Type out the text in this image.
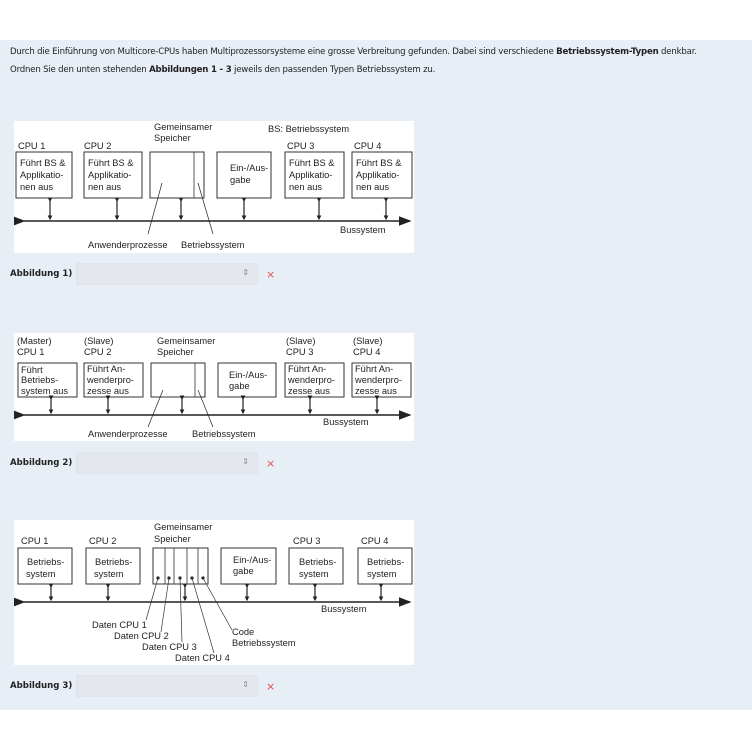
Durch die Einführung von Multicore-CPUs haben Multiprozessorsysteme eine grosse Verbreitung gefunden. Dabei sind verschiedene Betriebssystem-Typen denkbar.
Ordnen Sie den unten stehenden Abbildungen 1 - 3 jeweils den passenden Typen Betriebssystem zu.
Gemeinsamer
Speicher
BS: Betriebssystem
CPU 1	CPU 2	CPU 3	CPU 4
Führt BS &
Applikatio-
nen aus
Führt BS &
Applikatio-
nen aus
Führt BS &
Applikatio-
nen aus
Führt BS &
Applikatio-
nen aus
Ein-/Aus-
gabe
Bussystem
Anwenderprozesse Betriebssystem
(Master)
CPU 1
(Slave)
CPU 2
Gemeinsamer
Speicher
(Slave)
CPU 3
(Slave)
CPU 4
Führt
Betriebs-
system aus
Führt An-
wenderpro-
zesse aus
Führt An-
wenderpro-
zesse aus
Führt An-
wenderpro-
zesse aus
Ein-/Aus-
gabe
Bussystem
Anwenderprozesse	Betriebssystem
Gemeinsamer
Speicher
CPU 1	CPU 2	CPU 3	CPU 4
Betriebs-
system
Betriebs-
system
Betriebs-
system
Betriebs-
system
Ein-/Aus-
gabe
Bussystem
Daten CPU 1
Daten CPU 2
Daten CPU 3
Daten CPU 4
Code
Betriebssystem
Abbildung 1)	⇕ ×
Abbildung 2)	⇕ ×
Abbildung 3)	⇕ ×
